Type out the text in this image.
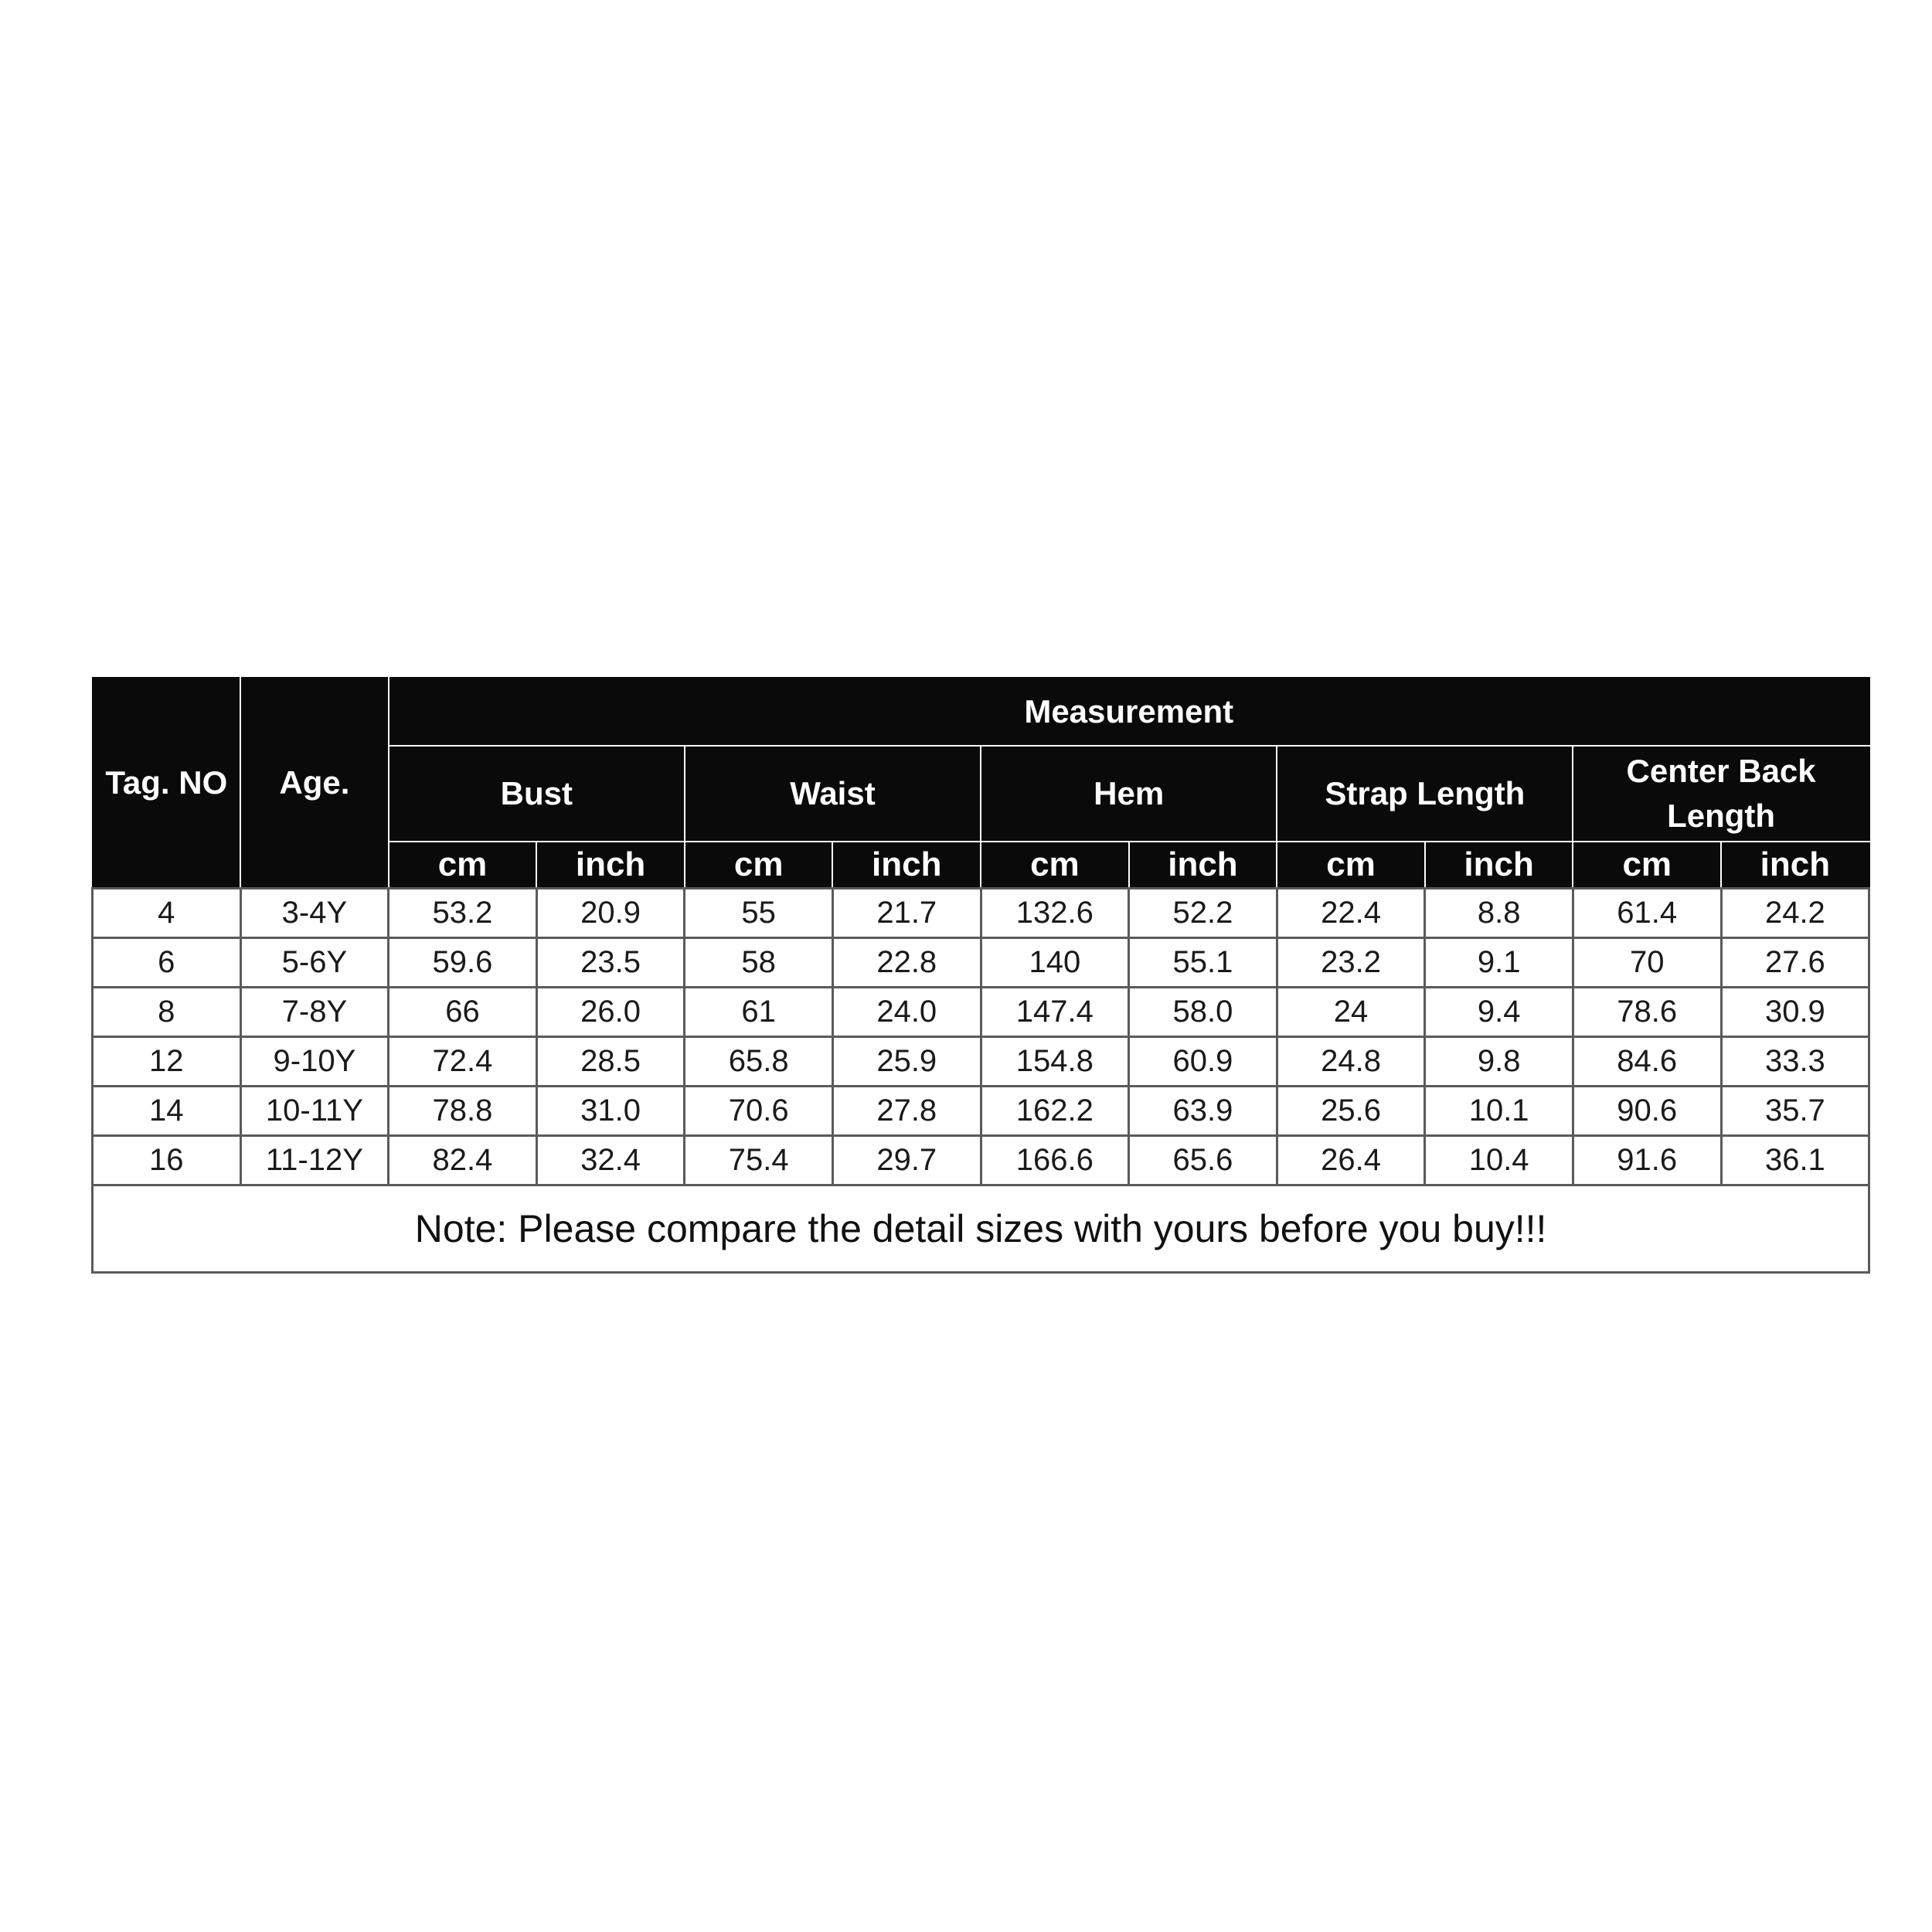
Tag. NO	Age.	Measurement									
		Bust		Waist		Hem		Strap Length		Center Back Length	
		cm	inch	cm	inch	cm	inch	cm	inch	cm	inch
4	3-4Y	53.2	20.9	55	21.7	132.6	52.2	22.4	8.8	61.4	24.2
6	5-6Y	59.6	23.5	58	22.8	140	55.1	23.2	9.1	70	27.6
8	7-8Y	66	26.0	61	24.0	147.4	58.0	24	9.4	78.6	30.9
12	9-10Y	72.4	28.5	65.8	25.9	154.8	60.9	24.8	9.8	84.6	33.3
14	10-11Y	78.8	31.0	70.6	27.8	162.2	63.9	25.6	10.1	90.6	35.7
16	11-12Y	82.4	32.4	75.4	29.7	166.6	65.6	26.4	10.4	91.6	36.1
Note: Please compare the detail sizes with yours before you buy!!!											
